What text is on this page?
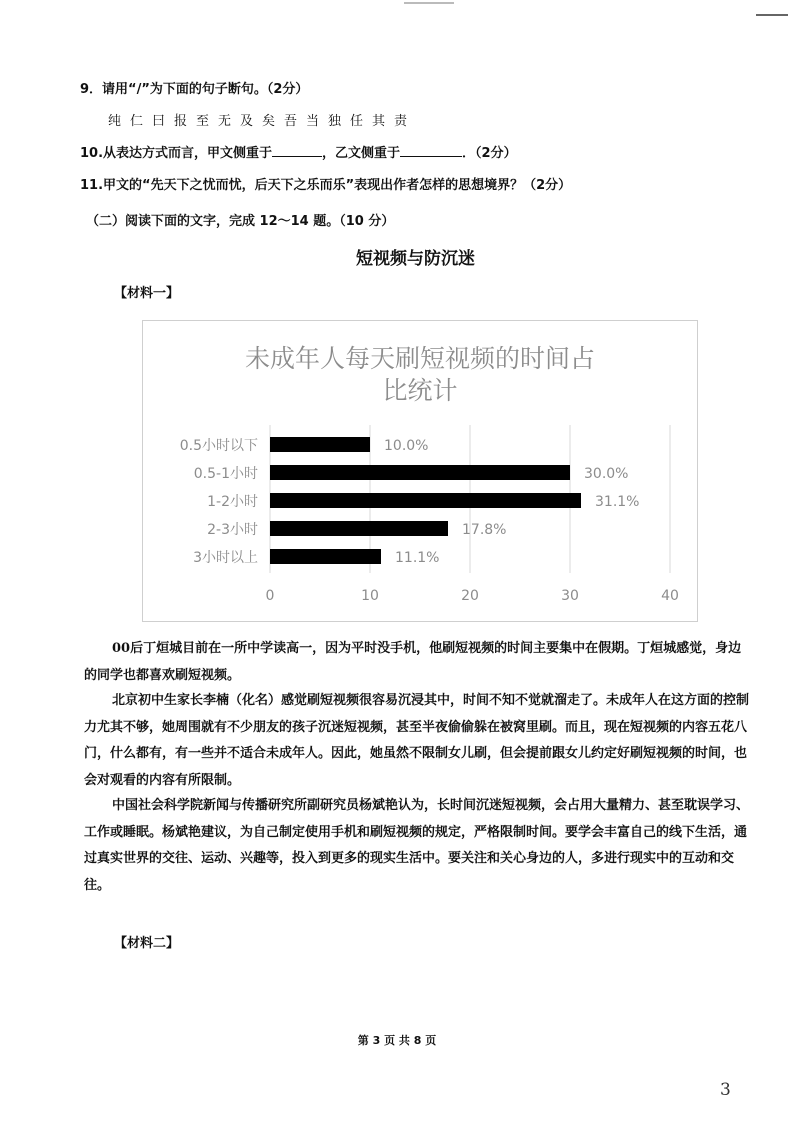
9．请用“/”为下面的句子断句。（2分）
纯仁曰报至无及矣吾当独任其责
10.从表达方式而言，甲文侧重于	，乙文侧重于	．（2分）
11.甲文的“先天下之忧而忧，后天下之乐而乐”表现出作者怎样的思想境界？（2分）
（二）阅读下面的文字，完成 12～14 题。（10 分）
短视频与防沉迷
【材料一】
0	10	20	30	40
未成年人每天刷短视频的时间占
比统计
0.5小时以下	10.0%
0.5-1小时	30.0%
1-2小时	31.1%
2-3小时	17.8%
3小时以上	11.1%
00后丁烜城目前在一所中学读高一，因为平时没手机，他刷短视频的时间主要集中在假期。丁烜城感觉，身边的同学也都喜欢刷短视频。
北京初中生家长李楠（化名）感觉刷短视频很容易沉浸其中，时间不知不觉就溜走了。未成年人在这方面的控制力尤其不够，她周围就有不少朋友的孩子沉迷短视频，甚至半夜偷偷躲在被窝里刷。而且，现在短视频的内容五花八门，什么都有，有一些并不适合未成年人。因此，她虽然不限制女儿刷，但会提前跟女儿约定好刷短视频的时间，也会对观看的内容有所限制。
中国社会科学院新闻与传播研究所副研究员杨斌艳认为，长时间沉迷短视频，会占用大量精力、甚至耽误学习、工作或睡眠。杨斌艳建议，为自己制定使用手机和刷短视频的规定，严格限制时间。要学会丰富自己的线下生活，通过真实世界的交往、运动、兴趣等，投入到更多的现实生活中。要关注和关心身边的人，多进行现实中的互动和交往。
【材料二】
第 3 页 共 8 页
3
